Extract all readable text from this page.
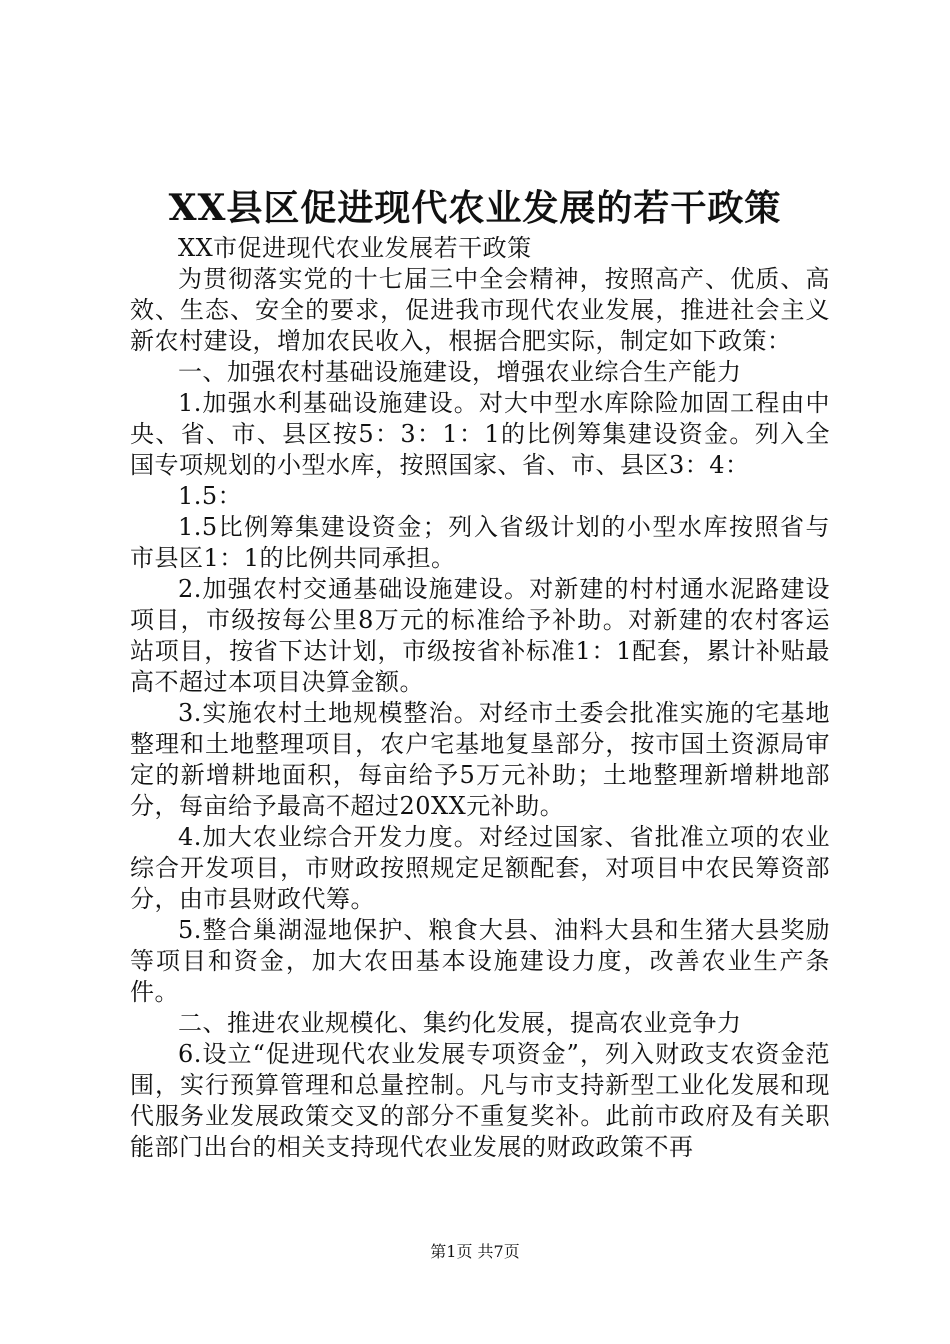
XX县区促进现代农业发展的若干政策

XX市促进现代农业发展若干政策

为贯彻落实党的十七届三中全会精神，按照高产、优质、高效、生态、安全的要求，促进我市现代农业发展，推进社会主义新农村建设，增加农民收入，根据合肥实际，制定如下政策：

一、加强农村基础设施建设，增强农业综合生产能力

1.加强水利基础设施建设。对大中型水库除险加固工程由中央、省、市、县区按5：3：1：1的比例筹集建设资金。列入全国专项规划的小型水库，按照国家、省、市、县区3：4：

1.5：

1.5比例筹集建设资金；列入省级计划的小型水库按照省与市县区1：1的比例共同承担。

2.加强农村交通基础设施建设。对新建的村村通水泥路建设项目，市级按每公里8万元的标准给予补助。对新建的农村客运站项目，按省下达计划，市级按省补标准1：1配套，累计补贴最高不超过本项目决算金额。

3.实施农村土地规模整治。对经市土委会批准实施的宅基地整理和土地整理项目，农户宅基地复垦部分，按市国土资源局审定的新增耕地面积，每亩给予5万元补助；土地整理新增耕地部分，每亩给予最高不超过20XX元补助。

4.加大农业综合开发力度。对经过国家、省批准立项的农业综合开发项目，市财政按照规定足额配套，对项目中农民筹资部分，由市县财政代筹。

5.整合巢湖湿地保护、粮食大县、油料大县和生猪大县奖励等项目和资金，加大农田基本设施建设力度，改善农业生产条件。

二、推进农业规模化、集约化发展，提高农业竞争力

6.设立“促进现代农业发展专项资金”，列入财政支农资金范围，实行预算管理和总量控制。凡与市支持新型工业化发展和现代服务业发展政策交叉的部分不重复奖补。此前市政府及有关职能部门出台的相关支持现代农业发展的财政政策不再

第1页 共7页
